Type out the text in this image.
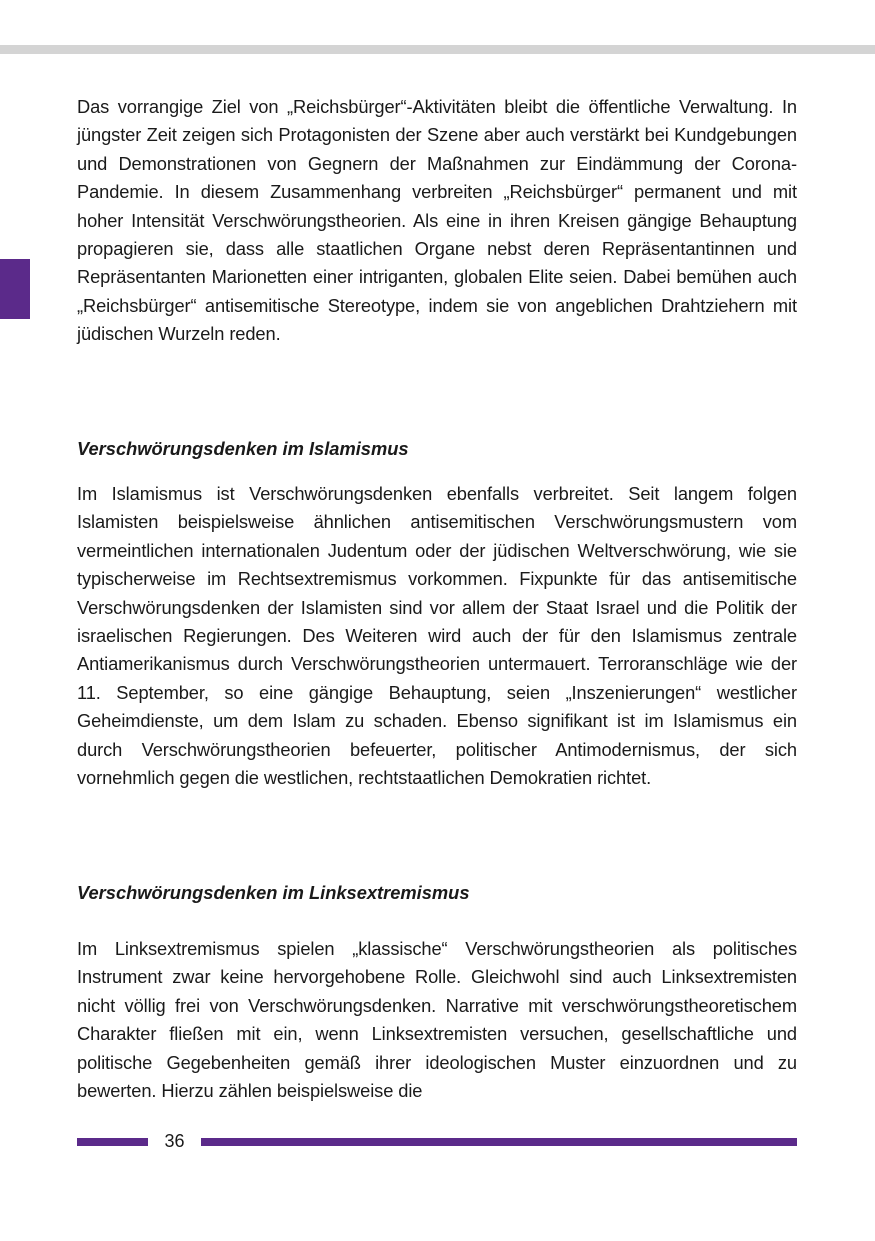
Das vorrangige Ziel von „Reichsbürger“-Aktivitäten bleibt die öffentliche Verwaltung. In jüngster Zeit zeigen sich Protagonisten der Szene aber auch verstärkt bei Kundgebungen und Demonstrationen von Gegnern der Maßnahmen zur Eindämmung der Corona-Pandemie. In diesem Zusammenhang verbreiten „Reichsbürger“ permanent und mit hoher Intensität Verschwörungstheorien. Als eine in ihren Kreisen gängige Behauptung propagieren sie, dass alle staatlichen Organe nebst deren Repräsentantinnen und Repräsentanten Marionetten einer intriganten, globalen Elite seien. Dabei bemühen auch „Reichsbürger“ antisemitische Stereotype, indem sie von angeblichen Drahtziehern mit jüdischen Wurzeln reden.

Verschwörungsdenken im Islamismus

Im Islamismus ist Verschwörungsdenken ebenfalls verbreitet. Seit langem folgen Islamisten beispielsweise ähnlichen antisemitischen Verschwörungsmustern vom vermeintlichen internationalen Judentum oder der jüdischen Weltverschwörung, wie sie typischerweise im Rechtsextremismus vorkommen. Fixpunkte für das antisemitische Verschwörungsdenken der Islamisten sind vor allem der Staat Israel und die Politik der israelischen Regierungen. Des Weiteren wird auch der für den Islamismus zentrale Antiamerikanismus durch Verschwörungstheorien untermauert. Terroranschläge wie der 11. September, so eine gängige Behauptung, seien „Inszenierungen“ westlicher Geheimdienste, um dem Islam zu schaden. Ebenso signifikant ist im Islamismus ein durch Verschwörungstheorien befeuerter, politischer Antimodernismus, der sich vornehmlich gegen die westlichen, rechtstaatlichen Demokratien richtet.

Verschwörungsdenken im Linksextremismus

Im Linksextremismus spielen „klassische“ Verschwörungstheorien als politisches Instrument zwar keine hervorgehobene Rolle. Gleichwohl sind auch Linksextremisten nicht völlig frei von Verschwörungsdenken. Narrative mit verschwörungstheoretischem Charakter fließen mit ein, wenn Linksextremisten versuchen, gesellschaftliche und politische Gegebenheiten gemäß ihrer ideologischen Muster einzuordnen und zu bewerten. Hierzu zählen beispielsweise die

36
